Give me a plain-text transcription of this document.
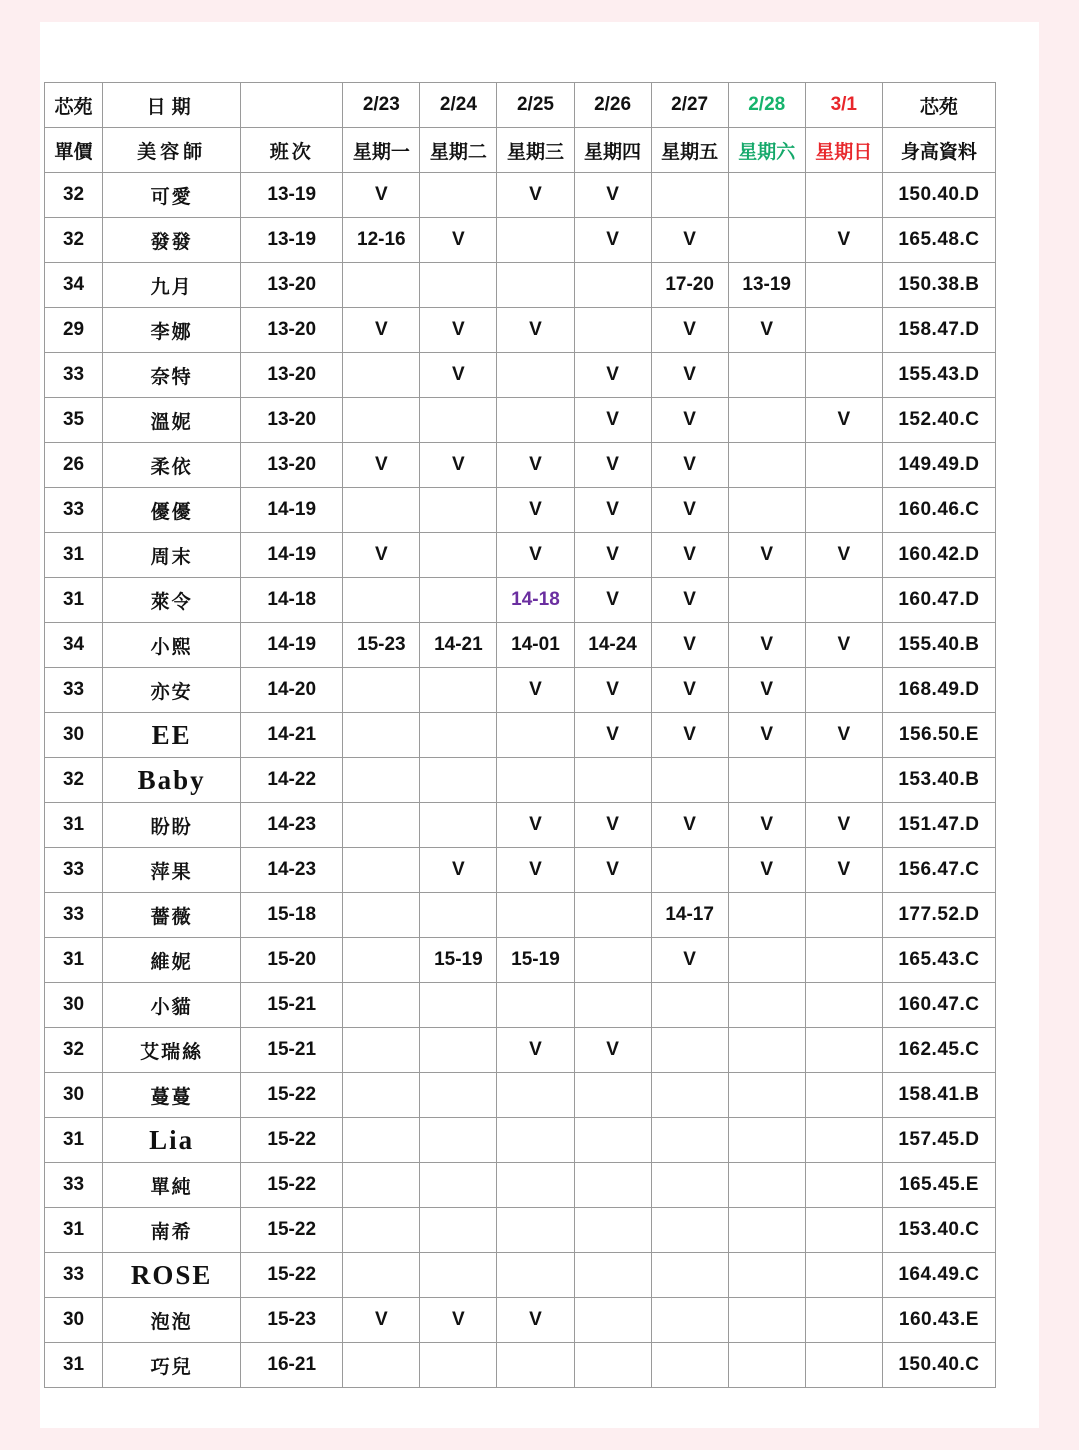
芯苑	日期		2/23	2/24	2/25	2/26	2/27	2/28	3/1	芯苑
單價	美容師	班次	星期一	星期二	星期三	星期四	星期五	星期六	星期日	身高資料
32	可愛	13-19	V		V	V				150.40.D
32	發發	13-19	12-16	V		V	V		V	165.48.C
34	九月	13-20					17-20	13-19		150.38.B
29	李娜	13-20	V	V	V		V	V		158.47.D
33	奈特	13-20		V		V	V			155.43.D
35	溫妮	13-20				V	V		V	152.40.C
26	柔依	13-20	V	V	V	V	V			149.49.D
33	優優	14-19			V	V	V			160.46.C
31	周末	14-19	V		V	V	V	V	V	160.42.D
31	萊令	14-18			14-18	V	V			160.47.D
34	小熙	14-19	15-23	14-21	14-01	14-24	V	V	V	155.40.B
33	亦安	14-20			V	V	V	V		168.49.D
30	EE	14-21				V	V	V	V	156.50.E
32	Baby	14-22								153.40.B
31	盼盼	14-23			V	V	V	V	V	151.47.D
33	萍果	14-23		V	V	V		V	V	156.47.C
33	薔薇	15-18					14-17			177.52.D
31	維妮	15-20		15-19	15-19		V			165.43.C
30	小貓	15-21								160.47.C
32	艾瑞絲	15-21			V	V				162.45.C
30	蔓蔓	15-22								158.41.B
31	Lia	15-22								157.45.D
33	單純	15-22								165.45.E
31	南希	15-22								153.40.C
33	ROSE	15-22								164.49.C
30	泡泡	15-23	V	V	V					160.43.E
31	巧兒	16-21								150.40.C
